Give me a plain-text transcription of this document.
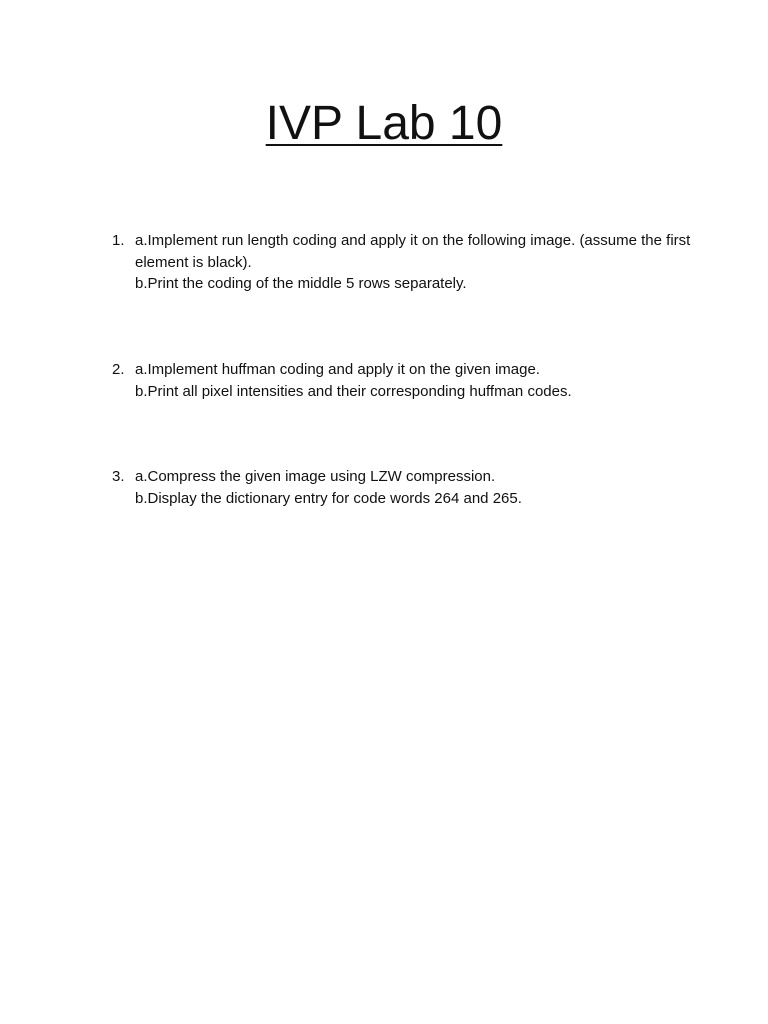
IVP Lab 10
1. a.Implement run length coding and apply it on the following image. (assume the first element is black).
b.Print the coding of the middle 5 rows separately.
2. a.Implement huffman coding and apply it on the given image.
b.Print all pixel intensities and their corresponding huffman codes.
3. a.Compress the given image using LZW compression.
b.Display the dictionary entry for code words 264 and 265.
